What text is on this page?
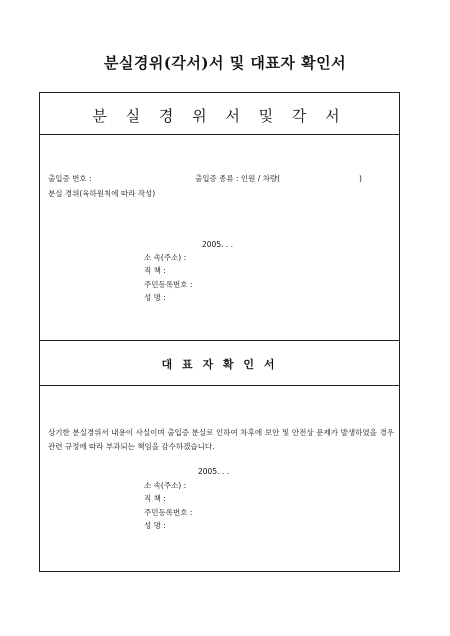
분실경위(각서)서 및 대표자 확인서
분 실 경 위 서 및 각 서
출입증 번호 :	출입증 종류 : 인원 / 차량(	)
분실 경위(육하원칙에 따라 작성)
2005. . .
소 속(주소) :
직 책 :
주민등록번호 :
성 명 :
대 표 자 확 인 서
상기한 분실경위서 내용이 사실이며 출입증 분실로 인하여 차후에 보안 및 안전상 문제가 발생하였을 경우 관련 규정에 따라 부과되는 책임을 감수하겠습니다.
2005. . .
소 속(주소) :
직 책 :
주민등록번호 :
성 명 :
